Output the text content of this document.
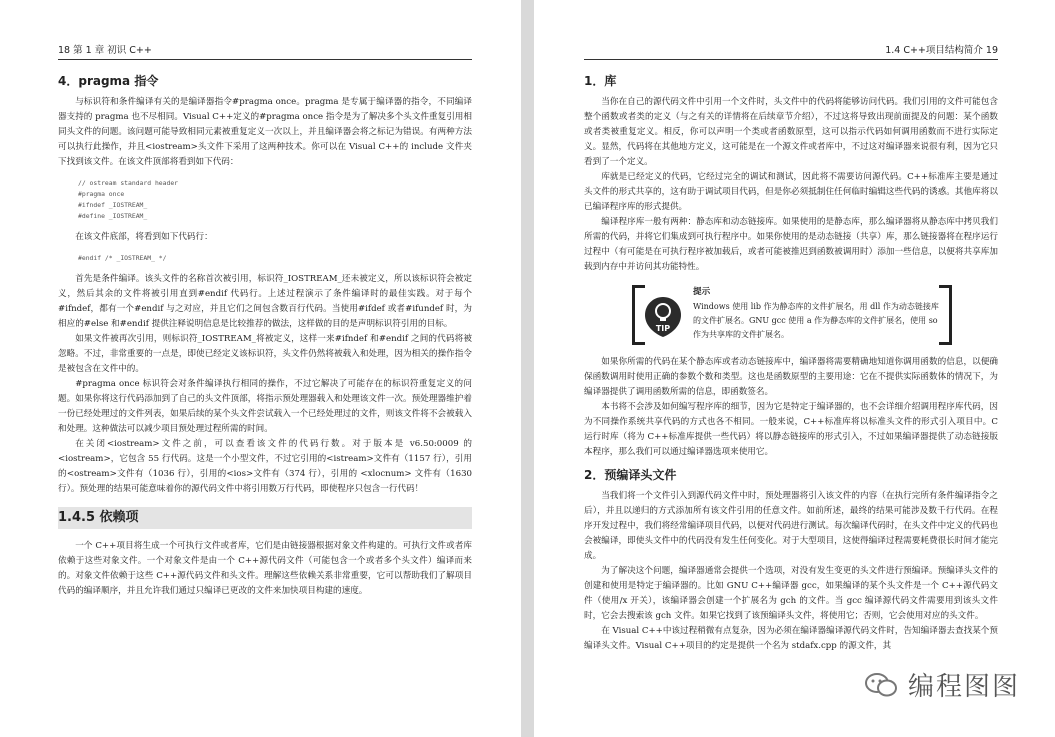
18 第 1 章 初识 C++
4．pragma 指令

与标识符和条件编译有关的是编译器指令#pragma once。pragma 是专属于编译器的指令，不同编译器支持的 pragma 也不尽相同。Visual C++定义的#pragma once 指令是为了解决多个头文件重复引用相同头文件的问题。该问题可能导致相同元素被重复定义一次以上，并且编译器会将之标记为错误。有两种方法可以执行此操作，并且<iostream>头文件下采用了这两种技术。你可以在 Visual C++的 include 文件夹下找到该文件。在该文件顶部将看到如下代码：

// ostream standard header
#pragma once
#ifndef _IOSTREAM_
#define _IOSTREAM_

在该文件底部，将看到如下代码行：

#endif /* _IOSTREAM_ */

首先是条件编译。该头文件的名称首次被引用，标识符_IOSTREAM_还未被定义，所以该标识符会被定义，然后其余的文件将被引用直到#endif 代码行。上述过程演示了条件编译时的最佳实践。对于每个#ifndef，都有一个#endif 与之对应，并且它们之间包含数百行代码。当使用#ifdef 或者#ifundef 时，为相应的#else 和#endif 提供注释说明信息是比较推荐的做法，这样做的目的是声明标识符引用的目标。

如果文件被再次引用，则标识符_IOSTREAM_将被定义，这样一来#ifndef 和#endif 之间的代码将被忽略。不过，非常重要的一点是，即使已经定义该标识符，头文件仍然将被载入和处理，因为相关的操作指令是被包含在文件中的。

#pragma once 标识符会对条件编译执行相同的操作，不过它解决了可能存在的标识符重复定义的问题。如果你将这行代码添加到了自己的头文件顶部，将指示预处理器载入和处理该文件一次。预处理器维护着一份已经处理过的文件列表，如果后续的某个头文件尝试载入一个已经处理过的文件，则该文件将不会被载入和处理。这种做法可以减少项目预处理过程所需的时间。

在关闭<iostream>文件之前，可以查看该文件的代码行数。对于版本是 v6.50:0009 的<iostream>，它包含 55 行代码。这是一个小型文件，不过它引用的<istream>文件有（1157 行），引用的<ostream>文件有（1036 行），引用的<ios>文件有（374 行），引用的 <xlocnum> 文件有（1630 行）。预处理的结果可能意味着你的源代码文件中将引用数万行代码，即使程序只包含一行代码！

1.4.5 依赖项

一个 C++项目将生成一个可执行文件或者库，它们是由链接器根据对象文件构建的。可执行文件或者库依赖于这些对象文件。一个对象文件是由一个 C++源代码文件（可能包含一个或者多个头文件）编译而来的。对象文件依赖于这些 C++源代码文件和头文件。理解这些依赖关系非常重要，它可以帮助我们了解项目代码的编译顺序，并且允许我们通过只编译已更改的文件来加快项目构建的速度。

1.4 C++项目结构简介 19
1．库

当你在自己的源代码文件中引用一个文件时，头文件中的代码将能够访问代码。我们引用的文件可能包含整个函数或者类的定义（与之有关的详情将在后续章节介绍），不过这将导致出现前面提及的问题：某个函数或者类被重复定义。相反，你可以声明一个类或者函数原型，这可以指示代码如何调用函数而不进行实际定义。显然，代码将在其他地方定义，这可能是在一个源文件或者库中，不过这对编译器来说很有利，因为它只看到了一个定义。

库就是已经定义的代码，它经过完全的调试和测试，因此将不需要访问源代码。C++标准库主要是通过头文件的形式共享的，这有助于调试项目代码，但是你必须抵制住任何临时编辑这些代码的诱惑。其他库将以已编译程序库的形式提供。

编译程序库一般有两种：静态库和动态链接库。如果使用的是静态库，那么编译器将从静态库中拷贝我们所需的代码，并将它们集成到可执行程序中。如果你使用的是动态链接（共享）库，那么链接器将在程序运行过程中（有可能是在可执行程序被加载后，或者可能被推迟到函数被调用时）添加一些信息，以便将共享库加载到内存中并访问其功能特性。

TIP
提示
Windows 使用 lib 作为静态库的文件扩展名，用 dll 作为动态链接库的文件扩展名。GNU gcc 使用 a 作为静态库的文件扩展名，使用 so 作为共享库的文件扩展名。

如果你所需的代码在某个静态库或者动态链接库中，编译器将需要精确地知道你调用函数的信息，以便确保函数调用时使用正确的参数个数和类型。这也是函数原型的主要用途：它在不提供实际函数体的情况下，为编译器提供了调用函数所需的信息，即函数签名。

本书将不会涉及如何编写程序库的细节，因为它是特定于编译器的，也不会详细介绍调用程序库代码，因为不同操作系统共享代码的方式也各不相同。一般来说，C++标准库将以标准头文件的形式引入项目中。C 运行时库（将为 C++标准库提供一些代码）将以静态链接库的形式引入，不过如果编译器提供了动态链接版本程序，那么我们可以通过编译器选项来使用它。

2．预编译头文件

当我们将一个文件引入到源代码文件中时，预处理器将引入该文件的内容（在执行完所有条件编译指令之后），并且以递归的方式添加所有该文件引用的任意文件。如前所述，最终的结果可能涉及数千行代码。在程序开发过程中，我们将经常编译项目代码，以便对代码进行测试。每次编译代码时，在头文件中定义的代码也会被编译，即使头文件中的代码没有发生任何变化。对于大型项目，这使得编译过程需要耗费很长时间才能完成。

为了解决这个问题，编译器通常会提供一个选项，对没有发生变更的头文件进行预编译。预编译头文件的创建和使用是特定于编译器的。比如 GNU C++编译器 gcc，如果编译的某个头文件是一个 C++源代码文件（使用/x 开关），该编译器会创建一个扩展名为 gch 的文件。当 gcc 编译源代码文件需要用到该头文件时，它会去搜索该 gch 文件。如果它找到了该预编译头文件，将使用它；否则，它会使用对应的头文件。

在 Visual C++中该过程稍微有点复杂，因为必须在编译器编译源代码文件时，告知编译器去查找某个预编译头文件。Visual C++项目的约定是提供一个名为 stdafx.cpp 的源文件，其

编程图图
